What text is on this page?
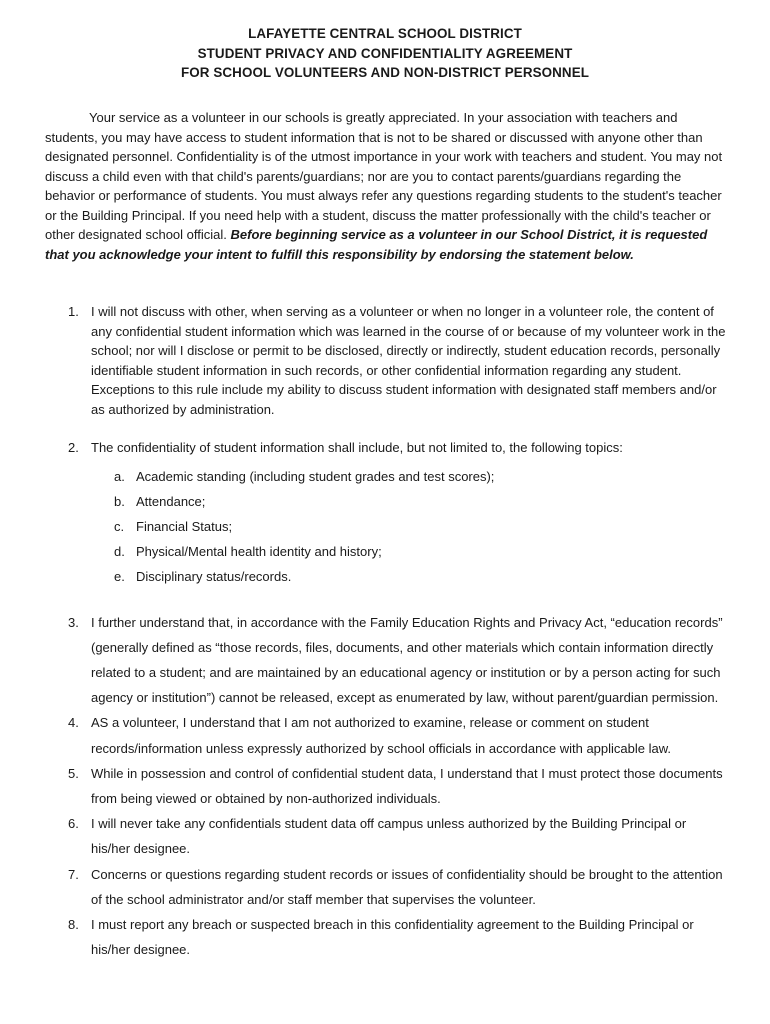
LAFAYETTE CENTRAL SCHOOL DISTRICT
STUDENT PRIVACY AND CONFIDENTIALITY AGREEMENT
FOR SCHOOL VOLUNTEERS AND NON-DISTRICT PERSONNEL

Your service as a volunteer in our schools is greatly appreciated. In your association with teachers and students, you may have access to student information that is not to be shared or discussed with anyone other than designated personnel. Confidentiality is of the utmost importance in your work with teachers and student. You may not discuss a child even with that child's parents/guardians; nor are you to contact parents/guardians regarding the behavior or performance of students. You must always refer any questions regarding students to the student's teacher or the Building Principal. If you need help with a student, discuss the matter professionally with the child's teacher or other designated school official. Before beginning service as a volunteer in our School District, it is requested that you acknowledge your intent to fulfill this responsibility by endorsing the statement below.

1. I will not discuss with other, when serving as a volunteer or when no longer in a volunteer role, the content of any confidential student information which was learned in the course of or because of my volunteer work in the school; nor will I disclose or permit to be disclosed, directly or indirectly, student education records, personally identifiable student information in such records, or other confidential information regarding any student. Exceptions to this rule include my ability to discuss student information with designated staff members and/or as authorized by administration.
2. The confidentiality of student information shall include, but not limited to, the following topics:
a. Academic standing (including student grades and test scores);
b. Attendance;
c. Financial Status;
d. Physical/Mental health identity and history;
e. Disciplinary status/records.
3. I further understand that, in accordance with the Family Education Rights and Privacy Act, “education records” (generally defined as “those records, files, documents, and other materials which contain information directly related to a student; and are maintained by an educational agency or institution or by a person acting for such agency or institution”) cannot be released, except as enumerated by law, without parent/guardian permission.
4. AS a volunteer, I understand that I am not authorized to examine, release or comment on student records/information unless expressly authorized by school officials in accordance with applicable law.
5. While in possession and control of confidential student data, I understand that I must protect those documents from being viewed or obtained by non-authorized individuals.
6. I will never take any confidentials student data off campus unless authorized by the Building Principal or his/her designee.
7. Concerns or questions regarding student records or issues of confidentiality should be brought to the attention of the school administrator and/or staff member that supervises the volunteer.
8. I must report any breach or suspected breach in this confidentiality agreement to the Building Principal or his/her designee.
